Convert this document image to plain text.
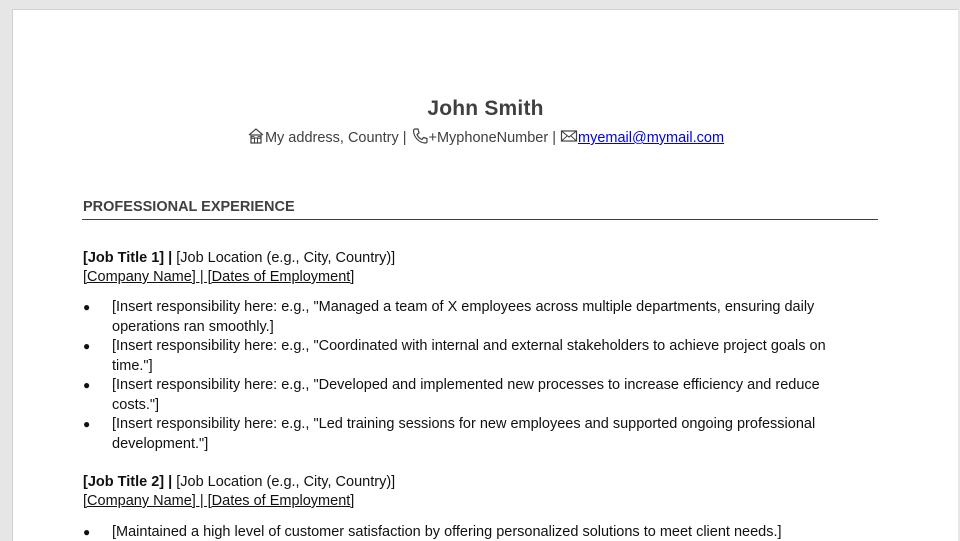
John Smith
My address, Country | +MyphoneNumber | myemail@mymail.com
PROFESSIONAL EXPERIENCE
[Job Title 1] | [Job Location (e.g., City, Country)]
[Company Name] | [Dates of Employment]
● [Insert responsibility here: e.g., "Managed a team of X employees across multiple departments, ensuring daily operations ran smoothly.]
● [Insert responsibility here: e.g., "Coordinated with internal and external stakeholders to achieve project goals on time."]
● [Insert responsibility here: e.g., "Developed and implemented new processes to increase efficiency and reduce costs."]
● [Insert responsibility here: e.g., "Led training sessions for new employees and supported ongoing professional development."]
[Job Title 2] | [Job Location (e.g., City, Country)]
[Company Name] | [Dates of Employment]
● [Maintained a high level of customer satisfaction by offering personalized solutions to meet client needs.]
